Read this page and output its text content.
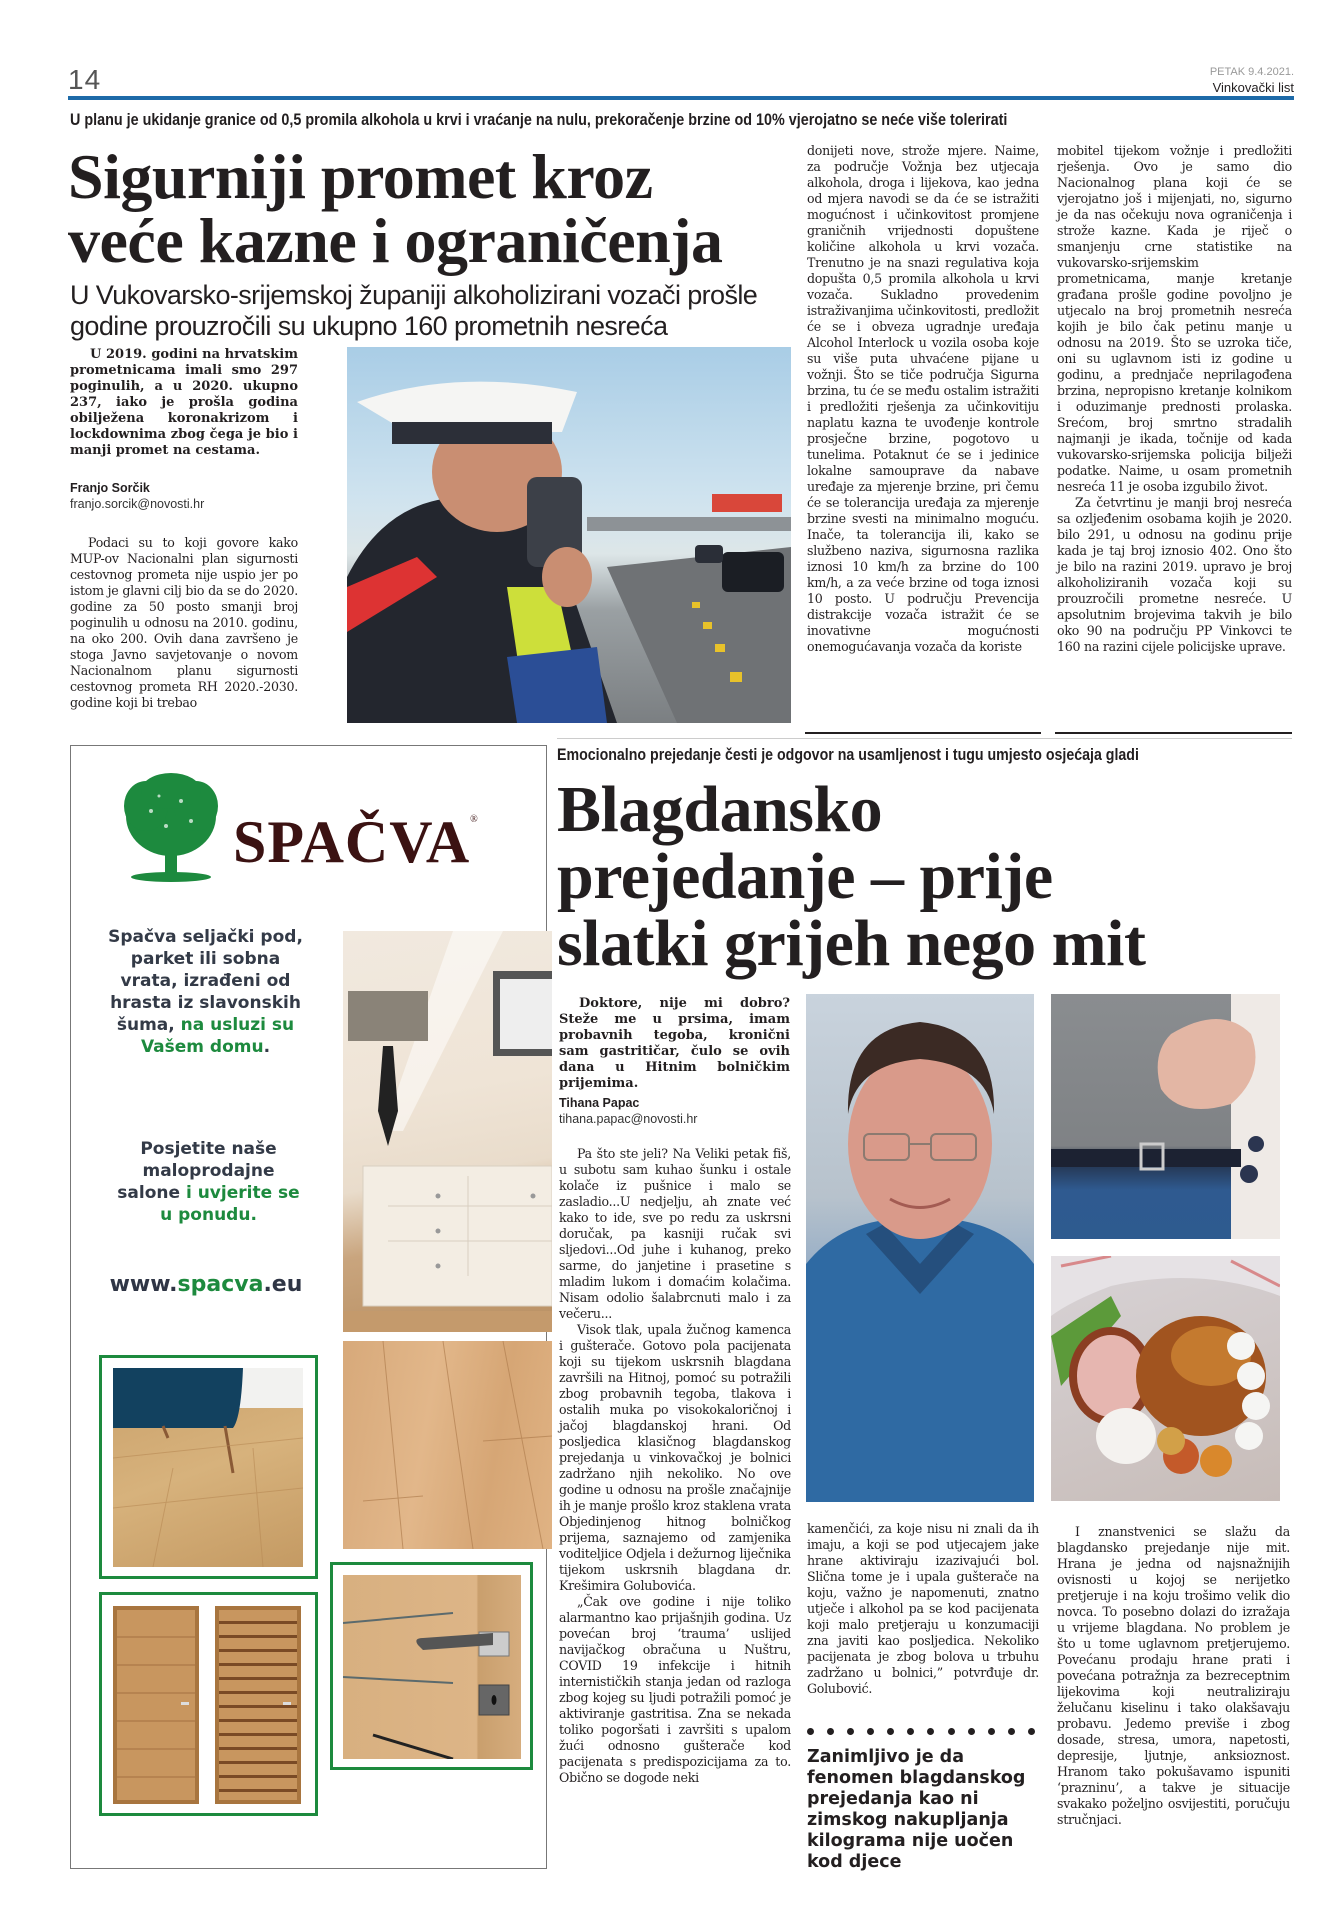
14	PETAK 9.4.2021.
Vinkovački list
U planu je ukidanje granice od 0,5 promila alkohola u krvi i vraćanje na nulu, prekoračenje brzine od 10% vjerojatno se neće više tolerirati
Sigurniji promet kroz
veće kazne i ograničenja
U Vukovarsko-srijemskoj županiji alkoholizirani vozači prošle godine prouzročili su ukupno 160 prometnih nesreća
U 2019. godini na hrvatskim prometnicama imali smo 297 poginulih, a u 2020. ukupno 237, iako je prošla godina obilježena koronakrizom i lockdownima zbog čega je bio i manji promet na cestama.
Franjo Sorčik
franjo.sorcik@novosti.hr

Podaci su to koji govore kako MUP-ov Nacionalni plan sigurnosti cestovnog prometa nije uspio jer po istom je glavni cilj bio da se do 2020. godine za 50 posto smanji broj poginulih u odnosu na 2010. godinu, na oko 200. Ovih dana završeno je stoga Javno savjetovanje o novom Nacionalnom planu sigurnosti cestovnog prometa RH 2020.-2030. godine koji bi trebao

donijeti nove, strože mjere. Naime, za područje Vožnja bez utjecaja alkohola, droga i lijekova, kao jedna od mjera navodi se da će se istražiti mogućnost i učinkovitost promjene graničnih vrijednosti dopuštene količine alkohola u krvi vozača. Trenutno je na snazi regulativa koja dopušta 0,5 promila alkohola u krvi vozača. Sukladno provedenim istraživanjima učinkovitosti, predložit će se i obveza ugradnje uređaja Alcohol Interlock u vozila osoba koje su više puta uhvaćene pijane u vožnji. Što se tiče područja Sigurna brzina, tu će se među ostalim istražiti i predložiti rješenja za učinkovitiju naplatu kazna te uvođenje kontrole prosječne brzine, pogotovo u tunelima. Potaknut će se i jedinice lokalne samouprave da nabave uređaje za mjerenje brzine, pri čemu će se tolerancija uređaja za mjerenje brzine svesti na minimalno moguću. Inače, ta tolerancija ili, kako se službeno naziva, sigurnosna razlika iznosi 10 km/h za brzine do 100 km/h, a za veće brzine od toga iznosi 10 posto. U području Prevencija distrakcije vozača istražit će se inovativne mogućnosti onemogućavanja vozača da koriste

mobitel tijekom vožnje i predložiti rješenja. Ovo je samo dio Nacionalnog plana koji će se vjerojatno još i mijenjati, no, sigurno je da nas očekuju nova ograničenja i strože kazne. Kada je riječ o smanjenju crne statistike na vukovarsko-srijemskim prometnicama, manje kretanje građana prošle godine povoljno je utjecalo na broj prometnih nesreća kojih je bilo čak petinu manje u odnosu na 2019. Što se uzroka tiče, oni su uglavnom isti iz godine u godinu, a prednjače neprilagođena brzina, nepropisno kretanje kolnikom i oduzimanje prednosti prolaska. Srećom, broj smrtno stradalih najmanji je ikada, točnije od kada vukovarsko-srijemska policija bilježi podatke. Naime, u osam prometnih nesreća 11 je osoba izgubilo život.

Za četvrtinu je manji broj nesreća sa ozljeđenim osobama kojih je 2020. bilo 291, u odnosu na godinu prije kada je taj broj iznosio 402. Ono što je bilo na razini 2019. upravo je broj alkoholiziranih vozača koji su prouzročili prometne nesreće. U apsolutnim brojevima takvih je bilo oko 90 na području PP Vinkovci te 160 na razini cijele policijske uprave.

SPAČVA®
Spačva seljački pod, parket ili sobna vrata, izrađeni od hrasta iz slavonskih šuma, na usluzi su Vašem domu.
Posjetite naše maloprodajne salone i uvjerite se u ponudu.
www.spacva.eu
Emocionalno prejedanje česti je odgovor na usamljenost i tugu umjesto osjećaja gladi
Blagdansko
prejedanje – prije
slatki grijeh nego mit
Doktore, nije mi dobro? Steže me u prsima, imam probavnih tegoba, kronični sam gastritičar, čulo se ovih dana u Hitnim bolničkim prijemima.
Tihana Papac
tihana.papac@novosti.hr

Pa što ste jeli? Na Veliki petak fiš, u subotu sam kuhao šunku i ostale kolače iz pušnice i malo se zasladio...U nedjelju, ah znate već kako to ide, sve po redu za uskrsni doručak, pa kasniji ručak svi sljedovi...Od juhe i kuhanog, preko sarme, do janjetine i prasetine s mladim lukom i domaćim kolačima. Nisam odolio šalabrcnuti malo i za večeru...

Visok tlak, upala žučnog kamenca i gušterače. Gotovo pola pacijenata koji su tijekom uskrsnih blagdana završili na Hitnoj, pomoć su potražili zbog probavnih tegoba, tlakova i ostalih muka po visokokaloričnoj i jačoj blagdanskoj hrani. Od posljedica klasičnog blagdanskog prejedanja u vinkovačkoj je bolnici zadržano njih nekoliko. No ove godine u odnosu na prošle značajnije ih je manje prošlo kroz staklena vrata Objedinjenog hitnog bolničkog prijema, saznajemo od zamjenika voditeljice Odjela i dežurnog liječnika tijekom uskrsnih blagdana dr. Krešimira Golubovića.

„Čak ove godine i nije toliko alarmantno kao prijašnjih godina. Uz povećan broj ‘trauma’ uslijed navijačkog obračuna u Nuštru, COVID 19 infekcije i hitnih internističkih stanja jedan od razloga zbog kojeg su ljudi potražili pomoć je aktiviranje gastritisa. Zna se nekada toliko pogoršati i završiti s upalom žući odnosno gušterače kod pacijenata s predispozicijama za to. Obično se dogode neki

kamenčići, za koje nisu ni znali da ih imaju, a koji se pod utjecajem jake hrane aktiviraju izazivajući bol. Slična tome je i upala gušterače na koju, važno je napomenuti, znatno utječe i alkohol pa se kod pacijenata koji malo pretjeraju u konzumaciji zna javiti kao posljedica. Nekoliko pacijenata je zbog bolova u trbuhu zadržano u bolnici,” potvrđuje dr. Golubović.

Zanimljivo je da fenomen blagdanskog prejedanja kao ni zimskog nakupljanja kilograma nije uočen kod djece

I znanstvenici se slažu da blagdansko prejedanje nije mit. Hrana je jedna od najsnažnijih ovisnosti u kojoj se nerijetko pretjeruje i na koju trošimo velik dio novca. To posebno dolazi do izražaja u vrijeme blagdana. No problem je što u tome uglavnom pretjerujemo. Povećanu prodaju hrane prati i povećana potražnja za bezreceptnim lijekovima koji neutraliziraju želučanu kiselinu i tako olakšavaju probavu. Jedemo previše i zbog dosade, stresa, umora, napetosti, depresije, ljutnje, anksioznost. Hranom tako pokušavamo ispuniti ‘prazninu’, a takve je situacije svakako poželjno osvijestiti, poručuju stručnjaci.
